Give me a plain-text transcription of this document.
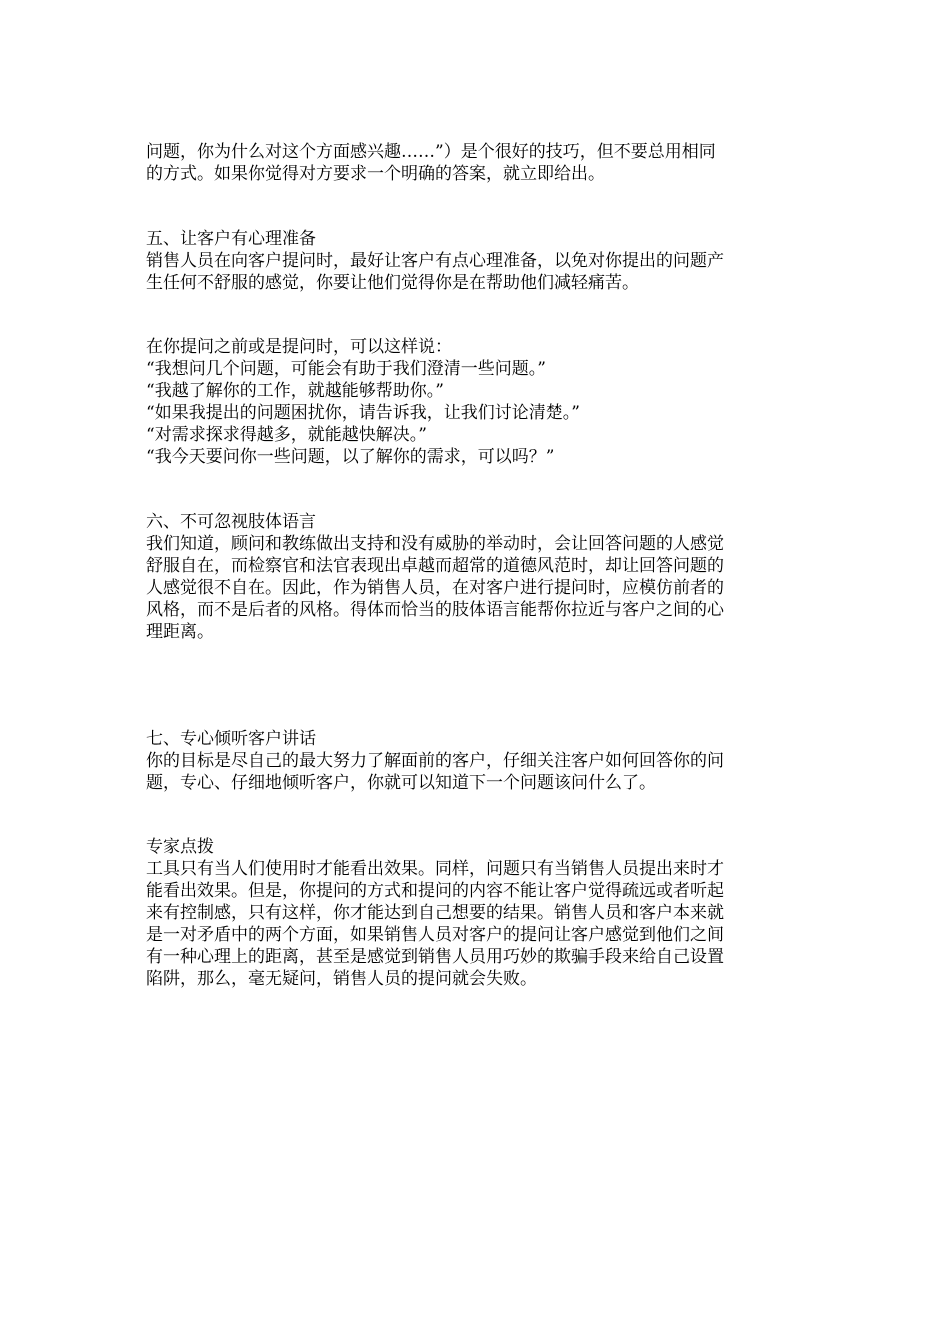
问题，你为什么对这个方面感兴趣……”）是个很好的技巧，但不要总用相同
的方式。如果你觉得对方要求一个明确的答案，就立即给出。
五、让客户有心理准备
销售人员在向客户提问时，最好让客户有点心理准备，以免对你提出的问题产
生任何不舒服的感觉，你要让他们觉得你是在帮助他们减轻痛苦。
在你提问之前或是提问时，可以这样说：
“我想问几个问题，可能会有助于我们澄清一些问题。”
“我越了解你的工作，就越能够帮助你。”
“如果我提出的问题困扰你，请告诉我，让我们讨论清楚。”
“对需求探求得越多，就能越快解决。”
“我今天要问你一些问题，以了解你的需求，可以吗？”
六、不可忽视肢体语言
我们知道，顾问和教练做出支持和没有威胁的举动时，会让回答问题的人感觉
舒服自在，而检察官和法官表现出卓越而超常的道德风范时，却让回答问题的
人感觉很不自在。因此，作为销售人员，在对客户进行提问时，应模仿前者的
风格，而不是后者的风格。得体而恰当的肢体语言能帮你拉近与客户之间的心
理距离。
七、专心倾听客户讲话
你的目标是尽自己的最大努力了解面前的客户，仔细关注客户如何回答你的问
题，专心、仔细地倾听客户，你就可以知道下一个问题该问什么了。
专家点拨
工具只有当人们使用时才能看出效果。同样，问题只有当销售人员提出来时才
能看出效果。但是，你提问的方式和提问的内容不能让客户觉得疏远或者听起
来有控制感，只有这样，你才能达到自己想要的结果。销售人员和客户本来就
是一对矛盾中的两个方面，如果销售人员对客户的提问让客户感觉到他们之间
有一种心理上的距离，甚至是感觉到销售人员用巧妙的欺骗手段来给自己设置
陷阱，那么，毫无疑问，销售人员的提问就会失败。
